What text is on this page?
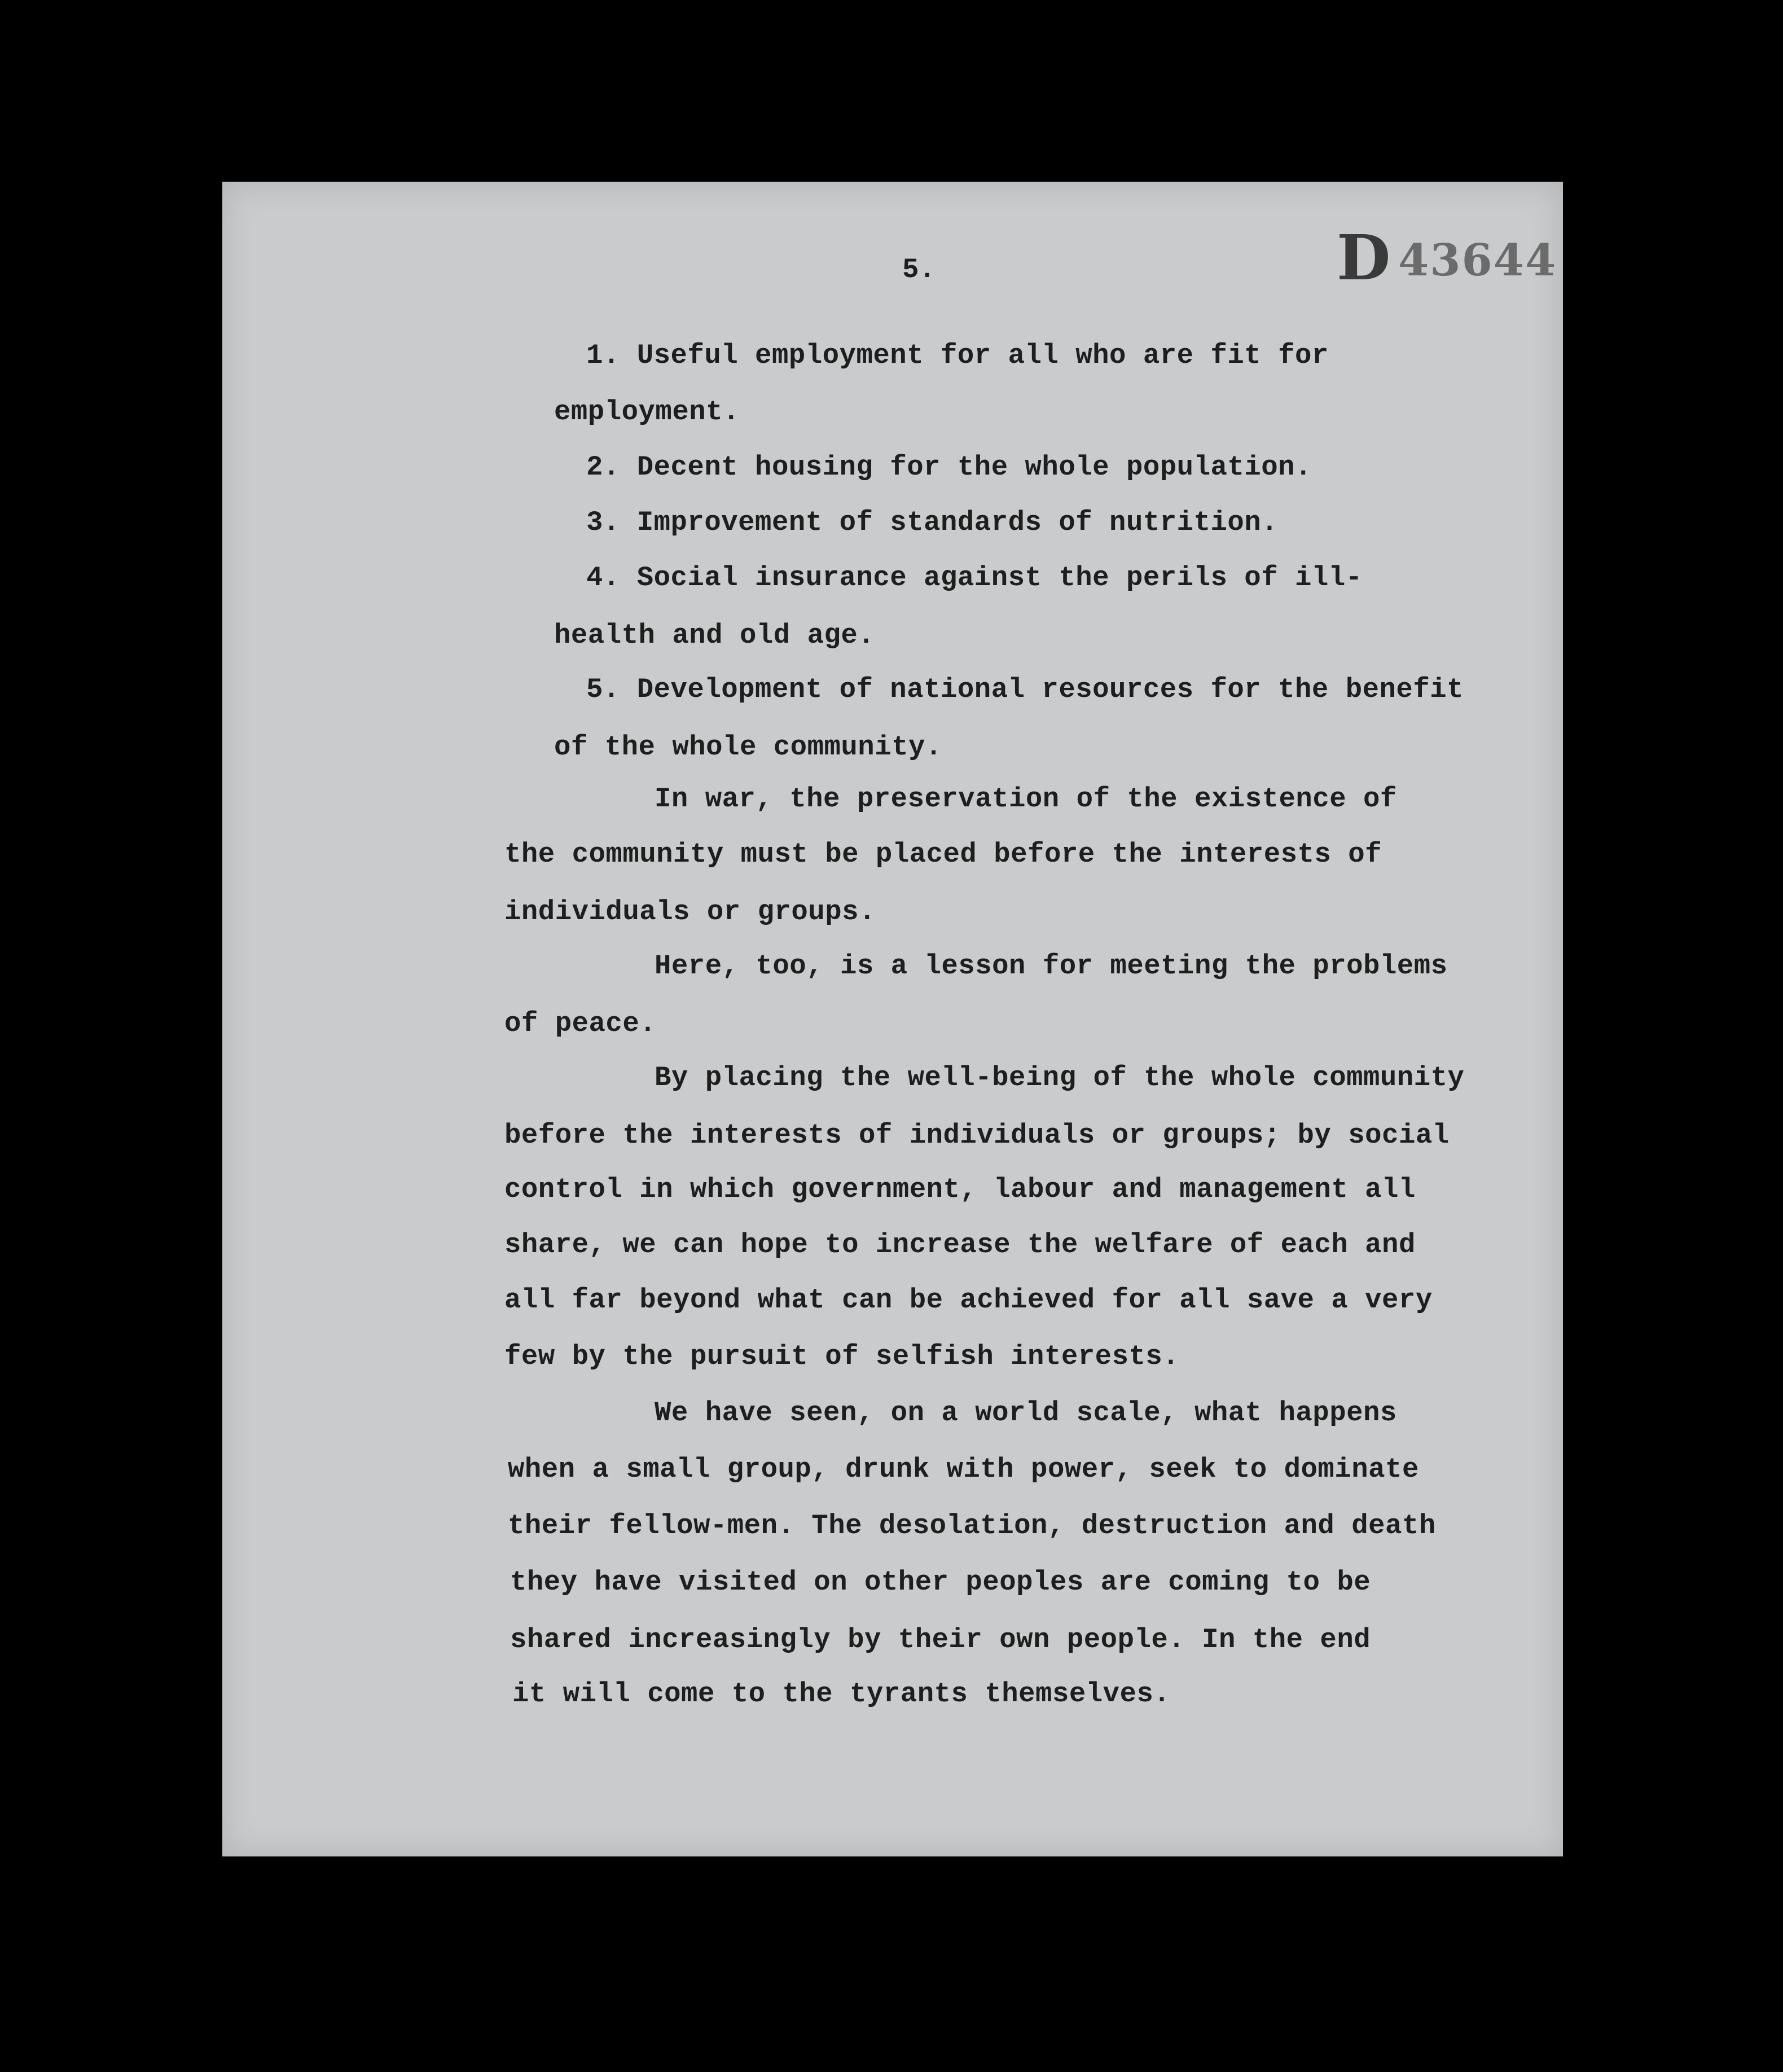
5.	D 43644
1. Useful employment for all who are fit for
employment.
2. Decent housing for the whole population.
3. Improvement of standards of nutrition.
4. Social insurance against the perils of ill-
health and old age.
5. Development of national resources for the benefit
of the whole community.
In war, the preservation of the existence of
the community must be placed before the interests of
individuals or groups.
Here, too, is a lesson for meeting the problems
of peace.
By placing the well-being of the whole community
before the interests of individuals or groups; by social
control in which government, labour and management all
share, we can hope to increase the welfare of each and
all far beyond what can be achieved for all save a very
few by the pursuit of selfish interests.
We have seen, on a world scale, what happens
when a small group, drunk with power, seek to dominate
their fellow-men. The desolation, destruction and death
they have visited on other peoples are coming to be
shared increasingly by their own people. In the end
it will come to the tyrants themselves.
